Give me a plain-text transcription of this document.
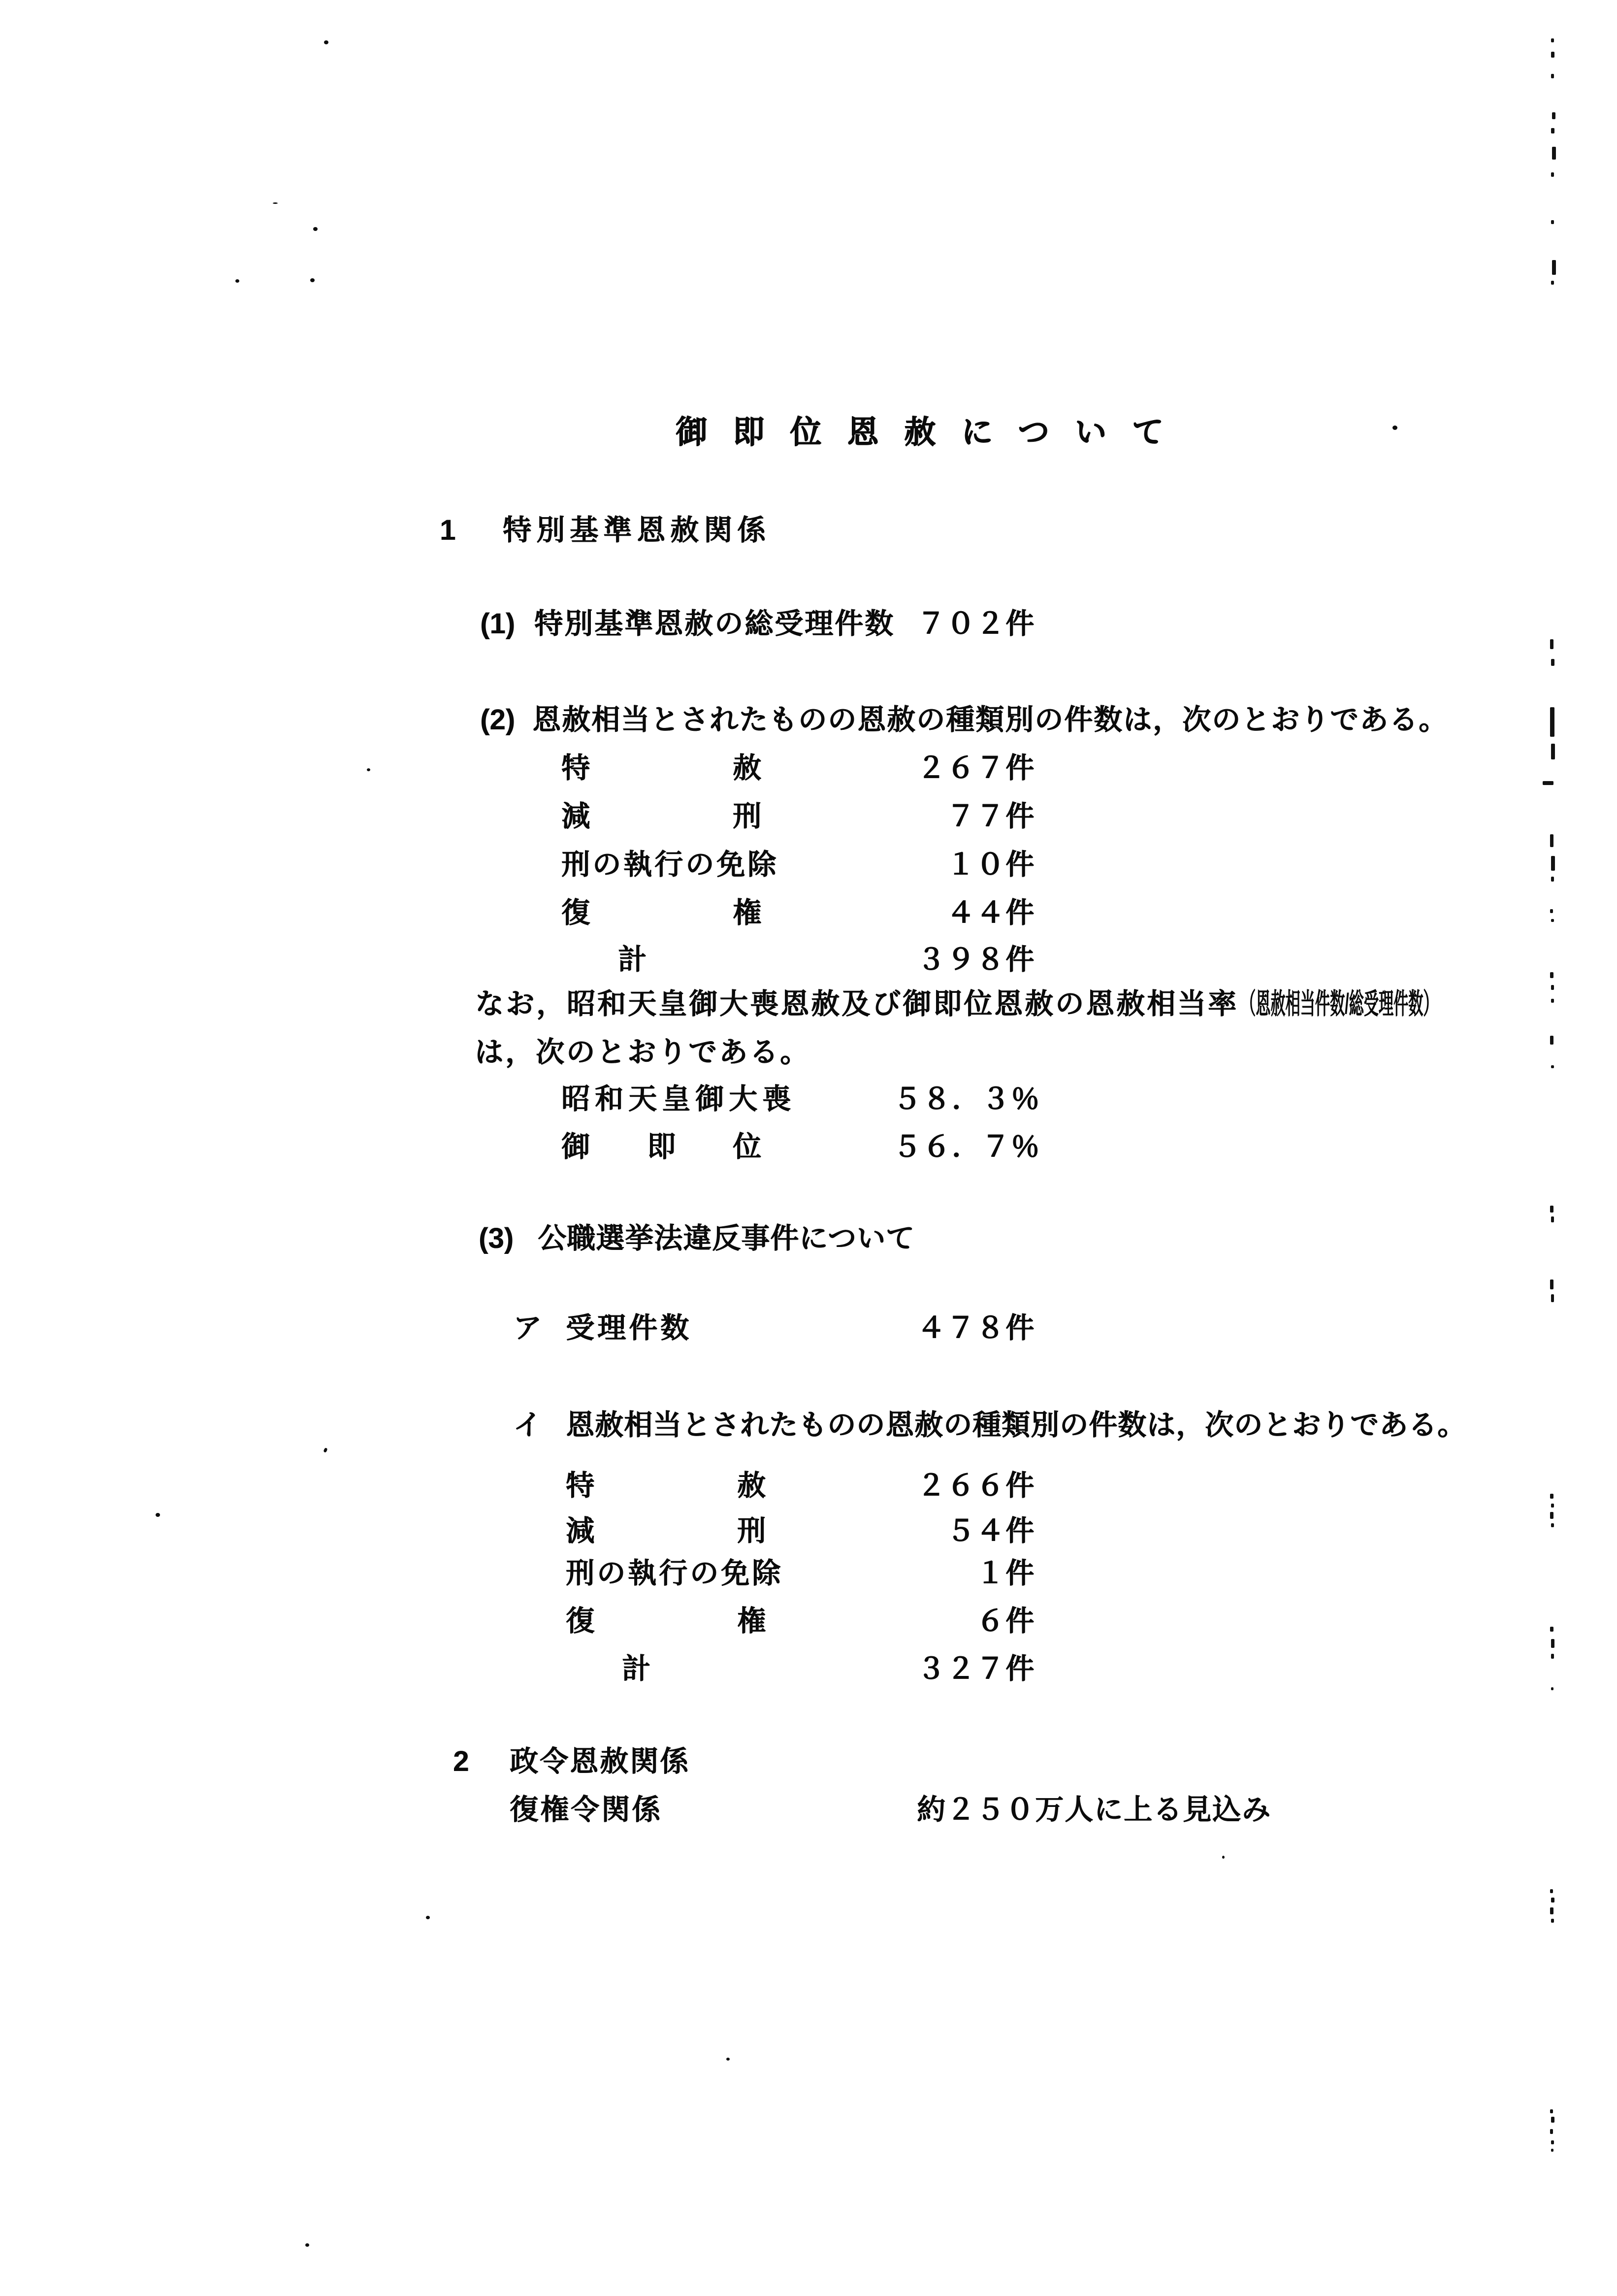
御即位恩赦について
1 特別基準恩赦関係
(1) 特別基準恩赦の総受理件数 ７０２件
(2) 恩赦相当とされたものの恩赦の種類別の件数は，次のとおりである。
特　　　　　赦	２６７件
減　　　　　刑	　７７件
刑の執行の免除	　１０件
復　　　　　権	　４４件
計	３９８件
なお，昭和天皇御大喪恩赦及び御即位恩赦の恩赦相当率 （恩赦相当件数/総受理件数）
は，次のとおりである。
昭和天皇御大喪	５８．３％
御　　即　　位	５６．７％
(3) 公職選挙法違反事件について
ア 受理件数	４７８件
イ 恩赦相当とされたものの恩赦の種類別の件数は，次のとおりである。
特　　　　　赦	２６６件
減　　　　　刑	　５４件
刑の執行の免除	　　１件
復　　　　　権	　　６件
計	３２７件
2 政令恩赦関係
復権令関係	約２５０万人に上る見込み
